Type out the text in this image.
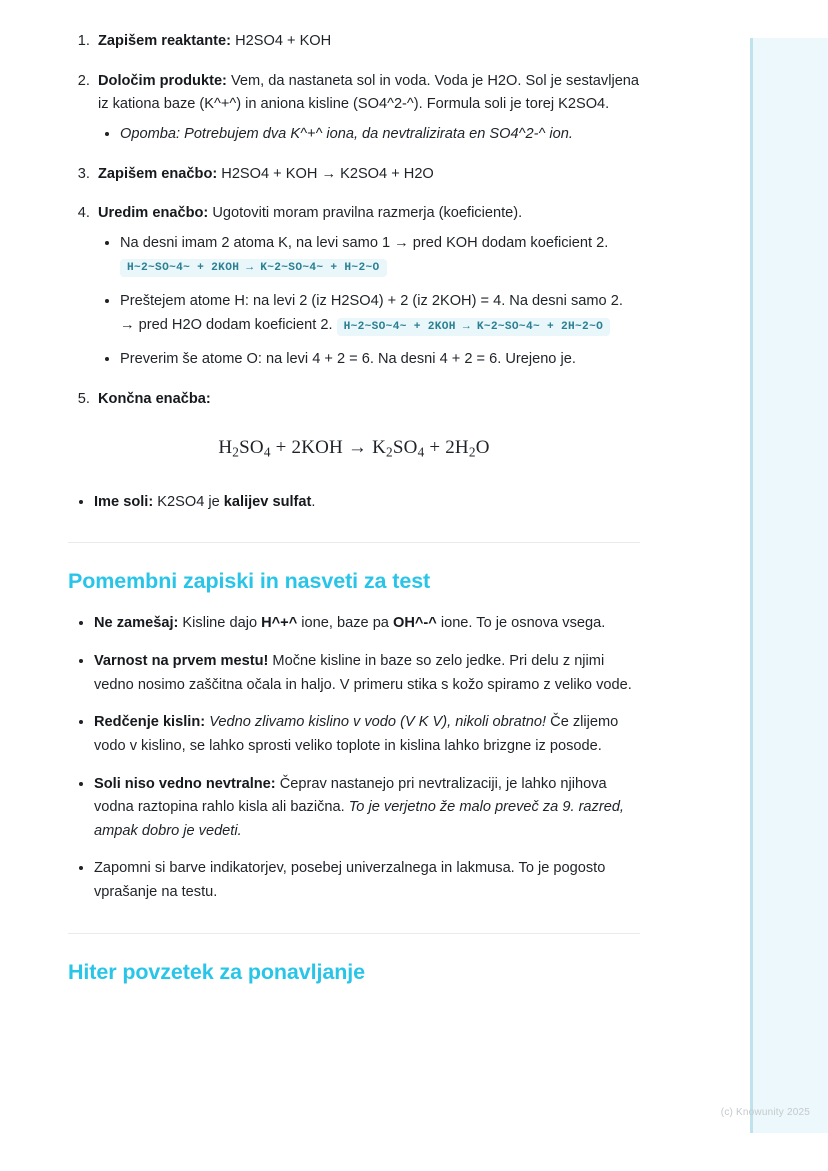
1. Zapišem reaktante: H2SO4 + KOH
2. Določim produkte: Vem, da nastaneta sol in voda. Voda je H2O. Sol je sestavljena iz kationa baze (K^+^) in aniona kisline (SO4^2-^). Formula soli je torej K2SO4.
• Opomba: Potrebujem dva K^+^ iona, da nevtralizirata en SO4^2-^ ion.
3. Zapišem enačbo: H2SO4 + KOH → K2SO4 + H2O
4. Uredim enačbo: Ugotoviti moram pravilna razmerja (koeficiente).
• Na desni imam 2 atoma K, na levi samo 1 → pred KOH dodam koeficient 2. H~2~SO~4~ + 2KOH → K~2~SO~4~ + H~2~O
• Preštejem atome H: na levi 2 (iz H2SO4) + 2 (iz 2KOH) = 4. Na desni samo 2. → pred H2O dodam koeficient 2. H~2~SO~4~ + 2KOH → K~2~SO~4~ + 2H~2~O
• Preverim še atome O: na levi 4 + 2 = 6. Na desni 4 + 2 = 6. Urejeno je.
5. Končna enačba:
$H_2SO_4 + 2KOH \to K_2SO_4 + 2H_2O$
• Ime soli: K2SO4 je kalijev sulfat.
Pomembni zapiski in nasveti za test
• Ne zamešaj: Kisline dajo H^+^ ione, baze pa OH^-^ ione. To je osnova vsega.
• Varnost na prvem mestu! Močne kisline in baze so zelo jedke. Pri delu z njimi vedno nosimo zaščitna očala in haljo. V primeru stika s kožo spiramo z veliko vode.
• Redčenje kislin: Vedno zlivamo kislino v vodo (V K V), nikoli obratno! Če zlijemo vodo v kislino, se lahko sprosti veliko toplote in kislina lahko brizgne iz posode.
• Soli niso vedno nevtralne: Čeprav nastanejo pri nevtralizaciji, je lahko njihova vodna raztopina rahlo kisla ali bazična. To je verjetno že malo preveč za 9. razred, ampak dobro je vedeti.
• Zapomni si barve indikatorjev, posebej univerzalnega in lakmusa. To je pogosto vprašanje na testu.
Hiter povzetek za ponavljanje
(c) Knowunity 2025
